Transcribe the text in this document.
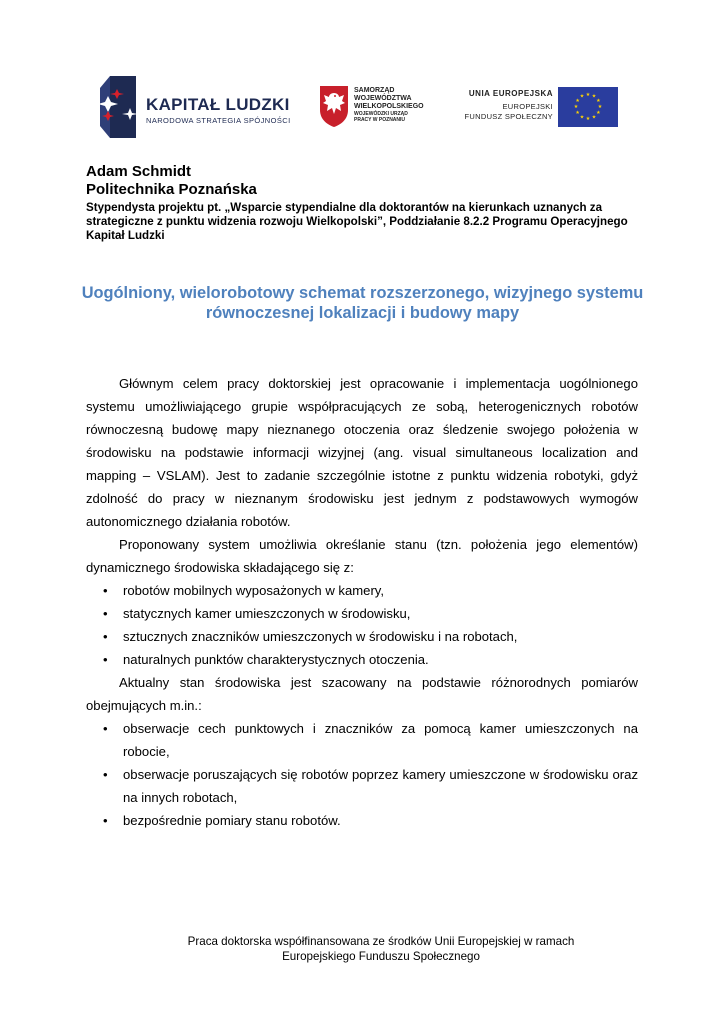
KAPITAŁ LUDZKI
NARODOWA STRATEGIA SPÓJNOŚCI
SAMORZĄD WOJEWÓDZTWA
WIELKOPOLSKIEGO
WOJEWÓDZKI URZĄD PRACY W POZNANIU
UNIA EUROPEJSKA
EUROPEJSKI
FUNDUSZ SPOŁECZNY
★ ★
★
★
★
★
★
★
★
★
★
★

Adam Schmidt

Politechnika Poznańska

Stypendysta projektu pt. „Wsparcie stypendialne dla doktorantów na kierunkach uznanych za strategiczne z punktu widzenia rozwoju Wielkopolski”, Poddziałanie 8.2.2 Programu Operacyjnego Kapitał Ludzki

Uogólniony, wielorobotowy schemat rozszerzonego, wizyjnego systemu równoczesnej lokalizacji i budowy mapy

Głównym celem pracy doktorskiej jest opracowanie i implementacja uogólnionego systemu umożliwiającego grupie współpracujących ze sobą, heterogenicznych robotów równoczesną budowę mapy nieznanego otoczenia oraz śledzenie swojego położenia w środowisku na podstawie informacji wizyjnej (ang. visual simultaneous localization and mapping – VSLAM). Jest to zadanie szczególnie istotne z punktu widzenia robotyki, gdyż zdolność do pracy w nieznanym środowisku jest jednym z podstawowych wymogów autonomicznego działania robotów.

Proponowany system umożliwia określanie stanu (tzn. położenia jego elementów) dynamicznego środowiska składającego się z:

• robotów mobilnych wyposażonych w kamery,
• statycznych kamer umieszczonych w środowisku,
• sztucznych znaczników umieszczonych w środowisku i na robotach,
• naturalnych punktów charakterystycznych otoczenia.

Aktualny stan środowiska jest szacowany na podstawie różnorodnych pomiarów obejmujących m.in.:

• obserwacje cech punktowych i znaczników za pomocą kamer umieszczonych na robocie,
• obserwacje poruszających się robotów poprzez kamery umieszczone w środowisku oraz na innych robotach,
• bezpośrednie pomiary stanu robotów.
Praca doktorska współfinansowana ze środków Unii Europejskiej w ramach
Europejskiego Funduszu Społecznego
